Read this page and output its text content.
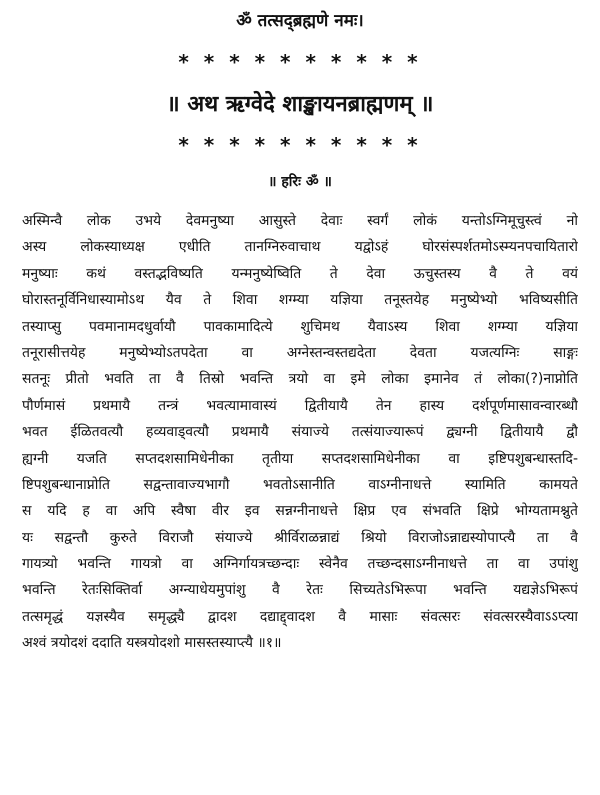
ॐ तत्सद्ब्रह्मणे नमः।
* * * * * * * * * *
॥ अथ ऋग्वेदे शाङ्खायनब्राह्मणम् ॥
* * * * * * * * * *
॥ हरिः ॐ ॥
अस्मिन्वै लोक उभये देवमनुष्या आसुस्ते देवाः स्वर्गं लोकं यन्तोऽग्निमूचुस्त्वं नो
अस्य लोकस्याध्यक्ष एधीति तानग्निरुवाचाथ यद्वोऽहं घोरसंस्पर्शतमोऽस्म्यनपचायितारो
मनुष्याः कथं वस्तद्भविष्यति यन्मनुष्येष्विति ते देवा ऊचुस्तस्य वै ते वयं
घोरास्तनूर्विनिधास्यामोऽथ यैव ते शिवा शग्म्या यज्ञिया तनूस्तयेह मनुष्येभ्यो भविष्यसीति
तस्याप्सु पवमानामदधुर्वायौ पावकामादित्ये शुचिमथ यैवाऽस्य शिवा शग्म्या यज्ञिया
तनूरासीत्तयेह मनुष्येभ्योऽतपदेता वा अग्नेस्तन्वस्तद्यदेता देवता यजत्यग्निः साङ्गः
सतनूः प्रीतो भवति ता वै तिस्रो भवन्ति त्रयो वा इमे लोका इमानेव तं लोका(?)नाप्नोति
पौर्णमासं प्रथमायै तन्त्रं भवत्यामावास्यं द्वितीयायै तेन हास्य दर्शपूर्णमासावन्वारब्धौ
भवत ईळितवत्यौ हव्यवाड्वत्यौ प्रथमायै संयाज्ये तत्संयाज्यारूपं द्व्यग्नी द्वितीयायै द्वौ
ह्यग्नी यजति सप्तदशसामिधेनीका तृतीया सप्तदशसामिधेनीका वा इष्टिपशुबन्धास्तदि-
ष्टिपशुबन्धानाप्नोति सद्वन्तावाज्यभागौ भवतोऽसानीति वाऽग्नीनाधत्ते स्यामिति कामयते
स यदि ह वा अपि स्वैषा वीर इव सन्नग्नीनाधत्ते क्षिप्र एव संभवति क्षिप्रे भोग्यतामश्नुते
यः सद्वन्तौ कुरुते विराजौ संयाज्ये श्रीर्विराळन्नाद्यं श्रियो विराजोऽन्नाद्यस्योपाप्त्यै ता वै
गायत्र्यो भवन्ति गायत्रो वा अग्निर्गायत्रच्छन्दाः स्वेनैव तच्छन्दसाऽग्नीनाधत्ते ता वा उपांशु
भवन्ति रेतःसिक्तिर्वा अग्न्याधेयमुपांशु वै रेतः सिच्यतेऽभिरूपा भवन्ति यद्यज्ञेऽभिरूपं
तत्समृद्धं यज्ञस्यैव समृद्ध्यै द्वादश दद्याद्द्वादश वै मासाः संवत्सरः संवत्सरस्यैवाऽऽप्त्या
अश्वं त्रयोदशं ददाति यस्त्रयोदशो मासस्तस्याप्त्यै ॥१॥
